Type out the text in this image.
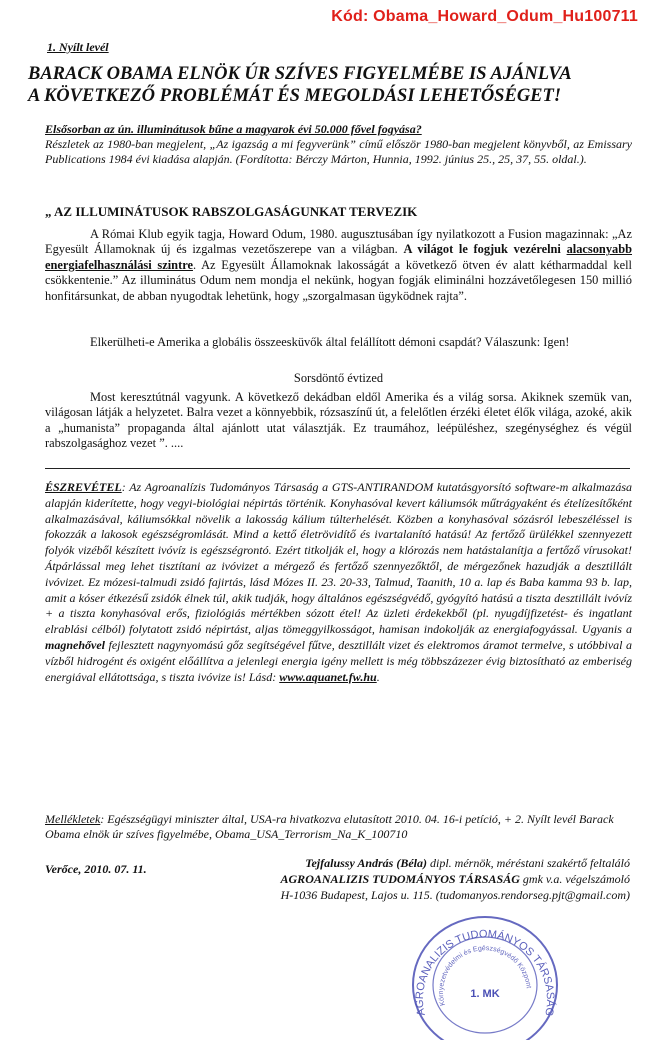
Kód: Obama_Howard_Odum_Hu100711
1. Nyílt levél
BARACK OBAMA ELNÖK ÚR SZÍVES FIGYELMÉBE IS AJÁNLVA
A KÖVETKEZŐ PROBLÉMÁT ÉS MEGOLDÁSI LEHETŐSÉGET!
Elsősorban az ún. illuminátusok bűne a magyarok évi 50.000 fővel fogyása?
Részletek az 1980-ban megjelent, „Az igazság a mi fegyverünk” című először 1980-ban megjelent könyvből, az Emissary Publications 1984 évi kiadása alapján. (Fordította: Bérczy Márton, Hunnia, 1992. június 25., 25, 37, 55. oldal.).
„ AZ ILLUMINÁTUSOK RABSZOLGASÁGUNKAT TERVEZIK
A Római Klub egyik tagja, Howard Odum, 1980. augusztusában így nyilatkozott a Fusion magazinnak: „Az Egyesült Államoknak új és izgalmas vezetőszerepe van a világban. A világot le fogjuk vezérelni alacsonyabb energiafelhasználási szintre. Az Egyesült Államoknak lakosságát a következő ötven év alatt kétharmaddal kell csökkentenie.” Az illuminátus Odum nem mondja el nekünk, hogyan fogják eliminálni hozzávetőlegesen 150 millió honfitársunkat, de abban nyugodtak lehetünk, hogy „szorgalmasan ügyködnek rajta”.
Elkerülheti-e Amerika a globális összeesküvők által felállított démoni csapdát? Válaszunk: Igen!
Sorsdöntő évtized
Most keresztútnál vagyunk. A következő dekádban eldől Amerika és a világ sorsa. Akiknek szemük van, világosan látják a helyzetet. Balra vezet a könnyebbik, rózsaszínű út, a felelőtlen érzéki életet élők világa, azoké, akik a „humanista” propaganda által ajánlott utat választják. Ez traumához, leépüléshez, szegénységhez és végül rabszolgasághoz vezet ”. ....
ÉSZREVÉTEL: Az Agroanalízis Tudományos Társaság a GTS-ANTIRANDOM kutatásgyorsító software-m alkalmazása alapján kiderítette, hogy vegyi-biológiai népirtás történik. Konyhasóval kevert káliumsók műtrágyaként és ételízesítőként alkalmazásával, káliumsókkal növelik a lakosság kálium túlterhelését. Közben a konyhasóval sózásról lebeszéléssel is fokozzák a lakosok egészségromlását. Mind a kettő életrövidítő és ivartalanító hatású! Az fertőző ürülékkel szennyezett folyók vizéből készített ivóvíz is egészségrontó. Ezért titkolják el, hogy a klórozás nem hatástalanítja a fertőző vírusokat! Átpárlással meg lehet tisztítani az ivóvizet a mérgező és fertőző szennyezőktől, de mérgezőnek hazudják a desztillált ivóvizet. Ez mózesi-talmudi zsidó fajirtás, lásd Mózes II. 23. 20-33, Talmud, Taanith, 10 a. lap és Baba kamma 93 b. lap, amit a kóser étkezésű zsidók élnek túl, akik tudják, hogy általános egészségvédő, gyógyító hatású a tiszta desztillált ivóvíz + a tiszta konyhasóval erős, fiziológiás mértékben sózott étel! Az üzleti érdekekből (pl. nyugdíjfizetést- és ingatlant elrablási célból) folytatott zsidó népirtást, aljas tömeggyilkosságot, hamisan indokolják az energiafogyással. Ugyanis a magnehővel fejlesztett nagynyomású gőz segítségével fűtve, desztillált vizet és elektromos áramot termelve, s utóbbival a vízből hidrogént és oxigént előállítva a jelenlegi energia igény mellett is még többszázezer évig biztosítható az emberiség energiával ellátottsága, s tiszta ivóvize is! Lásd: www.aquanet.fw.hu.
Mellékletek: Egészségügyi miniszter által, USA-ra hivatkozva elutasított 2010. 04. 16-i petíció, + 2. Nyílt levél Barack Obama elnök úr szíves figyelmébe, Obama_USA_Terrorism_Na_K_100710
Verőce, 2010. 07. 11.	Tejfalussy András (Béla) dipl. mérnök, méréstani szakértő feltaláló
AGROANALIZIS TUDOMÁNYOS TÁRSASÁG gmk v.a. végelszámoló
H-1036 Budapest, Lajos u. 115. (tudomanyos.rendorseg.pjt@gmail.com)
AGROANALIZIS TUDOMÁNYOS TÁRSASÁG
Környezetvédelmi és Egészségvédő Központ
1. MK
